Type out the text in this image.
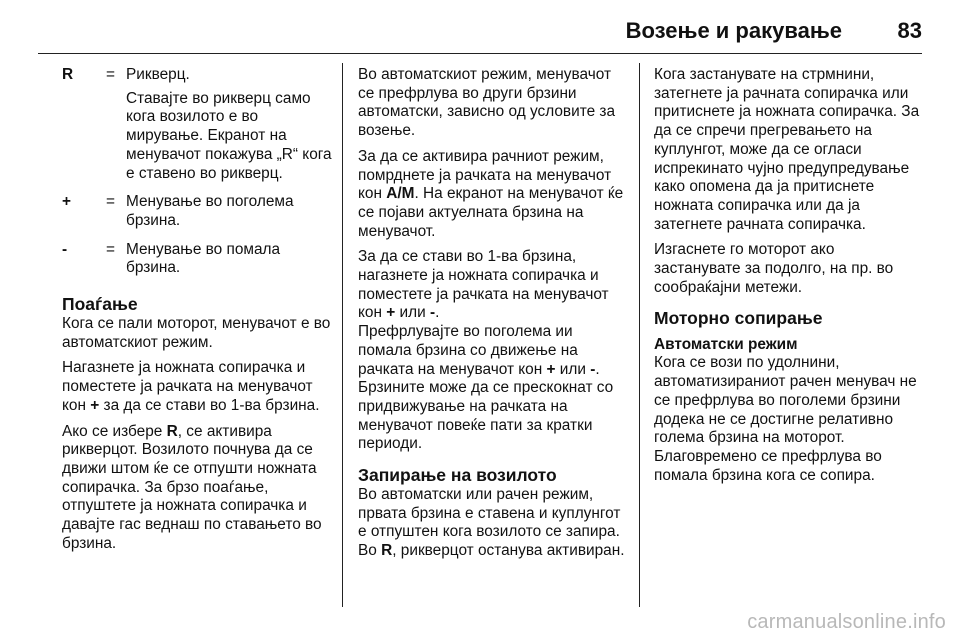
Возење и ракување	83
R	= Рикверц.

Ставајте во рикверц само кога возилото е во мирување. Екранот на менувачот покажува „R“ кога е ставено во рикверц.

+	= Менување во поголема брзина.

-	= Менување во помала брзина.

Поаѓање

Кога се пали моторот, менувачот е во автоматскиот режим.

Нагазнете ја ножната сопирачка и поместете ја рачката на менувачот кон + за да се стави во 1-ва брзина.

Ако се избере R, се активира рикверцот. Возилото почнува да се движи штом ќе се отпушти ножната сопирачка. За брзо поаѓање, отпуштете ја ножната сопирачка и давајте гас веднаш по ставањето во брзина.

Во автоматскиот режим, менувачот се префрлува во други брзини автоматски, зависно од условите за возење.

За да се активира рачниот режим, помрднете ја рачката на менувачот кон A/M. На екранот на менувачот ќе се појави актуелната брзина на менувачот.

За да се стави во 1-ва брзина, нагазнете ја ножната сопирачка и поместете ја рачката на менувачот кон + или -.

Префрлувајте во поголема ии помала брзина со движење на рачката на менувачот кон + или -. Брзините може да се прескокнат со придвижување на рачката на менувачот повеќе пати за кратки периоди.

Запирање на возилото

Во автоматски или рачен режим, првата брзина е ставена и куплунгот е отпуштен кога возилото се запира. Во R, рикверцот останува активиран.

Кога застанувате на стрмнини, затегнете ја рачната сопирачка или притиснете ја ножната сопирачка. За да се спречи прегревањето на куплунгот, може да се огласи испрекинато чујно предупредување како опомена да ја притиснете ножната сопирачка или да ја затегнете рачната сопирачка.

Изгаснете го моторот ако застанувате за подолго, на пр. во сообраќајни метежи.

Моторно сопирање
Автоматски режим

Кога се вози по удолнини, автоматизираниот рачен менувач не се префрлува во поголеми брзини додека не се достигне релативно голема брзина на моторот. Благовремено се префрлува во помала брзина кога се сопира.

carmanualsonline.info
